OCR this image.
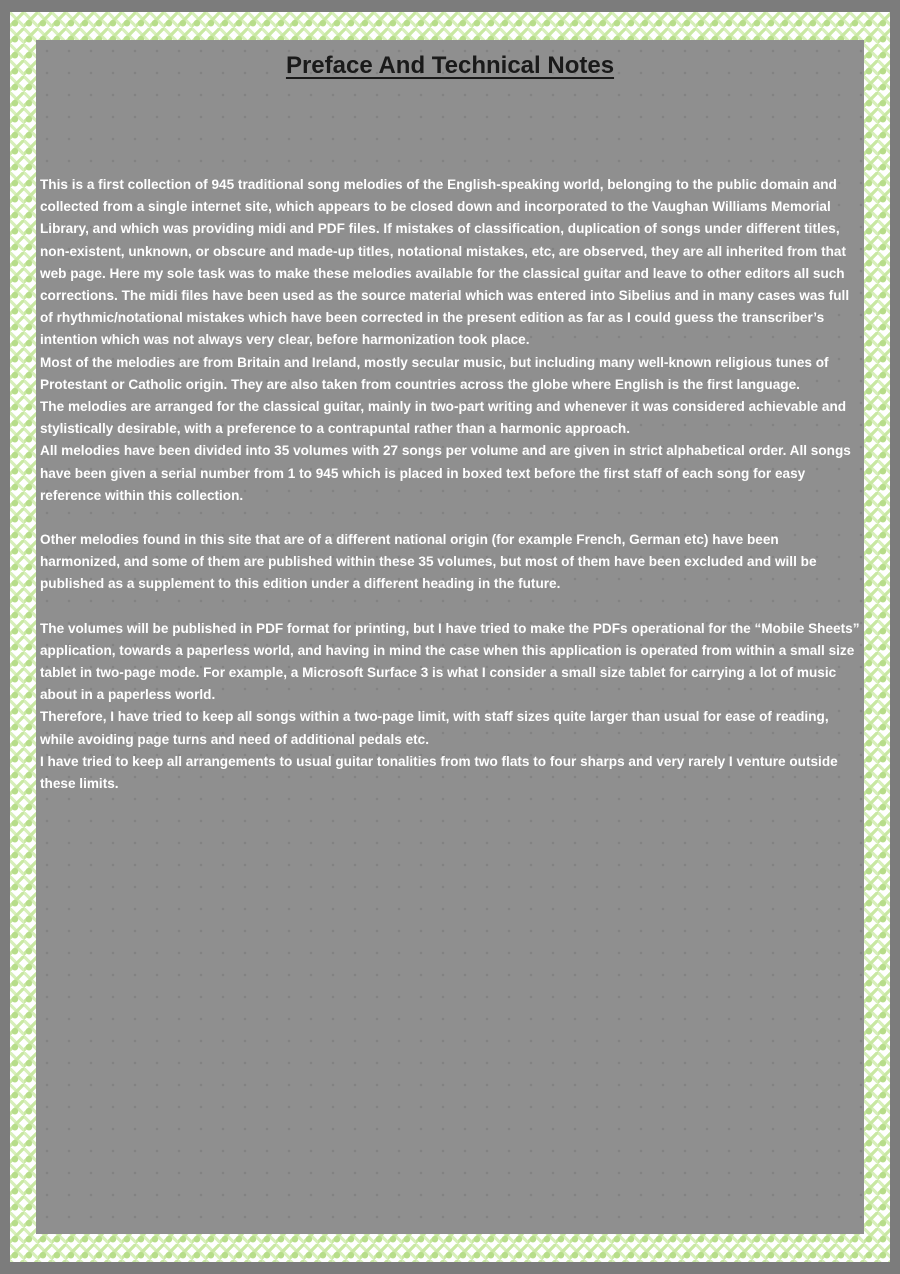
Preface And Technical Notes

This is a first collection of 945 traditional song melodies of the English-speaking world, belonging to the public domain and collected from a single internet site, which appears to be closed down and incorporated to the Vaughan Williams Memorial Library, and which was providing midi and PDF files. If mistakes of classification, duplication of songs under different titles, non-existent, unknown, or obscure and made-up titles, notational mistakes, etc, are observed, they are all inherited from that web page. Here my sole task was to make these melodies available for the classical guitar and leave to other editors all such corrections. The midi files have been used as the source material which was entered into Sibelius and in many cases was full of rhythmic/notational mistakes which have been corrected in the present edition as far as I could guess the transcriber’s intention which was not always very clear, before harmonization took place.

Most of the melodies are from Britain and Ireland, mostly secular music, but including many well-known religious tunes of Protestant or Catholic origin. They are also taken from countries across the globe where English is the first language.

The melodies are arranged for the classical guitar, mainly in two-part writing and whenever it was considered achievable and stylistically desirable, with a preference to a contrapuntal rather than a harmonic approach.

All melodies have been divided into 35 volumes with 27 songs per volume and are given in strict alphabetical order. All songs have been given a serial number from 1 to 945 which is placed in boxed text before the first staff of each song for easy reference within this collection.

Other melodies found in this site that are of a different national origin (for example French, German etc) have been harmonized, and some of them are published within these 35 volumes, but most of them have been excluded and will be published as a supplement to this edition under a different heading in the future.

The volumes will be published in PDF format for printing, but I have tried to make the PDFs operational for the “Mobile Sheets” application, towards a paperless world, and having in mind the case when this application is operated from within a small size tablet in two-page mode. For example, a Microsoft Surface 3 is what I consider a small size tablet for carrying a lot of music about in a paperless world.

Therefore, I have tried to keep all songs within a two-page limit, with staff sizes quite larger than usual for ease of reading, while avoiding page turns and need of additional pedals etc.

I have tried to keep all arrangements to usual guitar tonalities from two flats to four sharps and very rarely I venture outside these limits.
